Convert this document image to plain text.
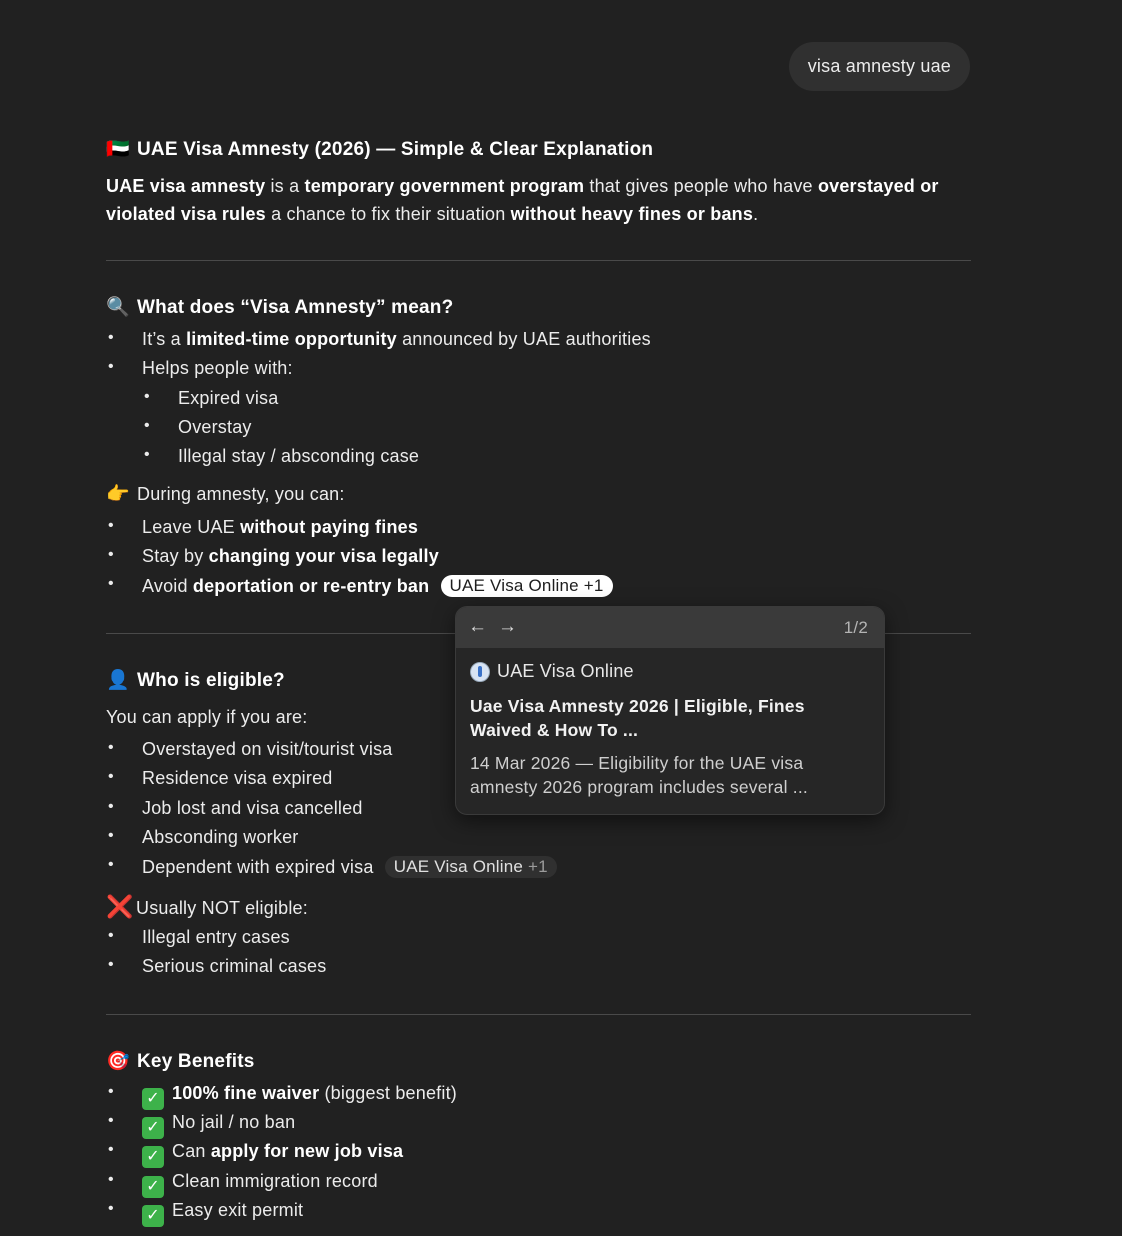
visa amnesty uae
🇦🇪 UAE Visa Amnesty (2026) — Simple & Clear Explanation
UAE visa amnesty is a temporary government program that gives people who have overstayed or violated visa rules a chance to fix their situation without heavy fines or bans.
🔍 What does “Visa Amnesty” mean?
• It’s a limited-time opportunity announced by UAE authorities
• Helps people with:
• Expired visa
• Overstay
• Illegal stay / absconding case
👉 During amnesty, you can:
• Leave UAE without paying fines
• Stay by changing your visa legally
• Avoid deportation or re-entry ban UAE Visa Online +1
👤 Who is eligible?
You can apply if you are:
• Overstayed on visit/tourist visa
• Residence visa expired
• Job lost and visa cancelled
• Absconding worker
• Dependent with expired visa UAE Visa Online +1
❌ Usually NOT eligible:
• Illegal entry cases
• Serious criminal cases
🎯 Key Benefits
• ✓ 100% fine waiver (biggest benefit)
• ✓ No jail / no ban
• ✓ Can apply for new job visa
• ✓ Clean immigration record
• ✓ Easy exit permit
← →	1/2
UAE Visa Online
Uae Visa Amnesty 2026 | Eligible, Fines Waived & How To ...
14 Mar 2026 — Eligibility for the UAE visa amnesty 2026 program includes several ...
